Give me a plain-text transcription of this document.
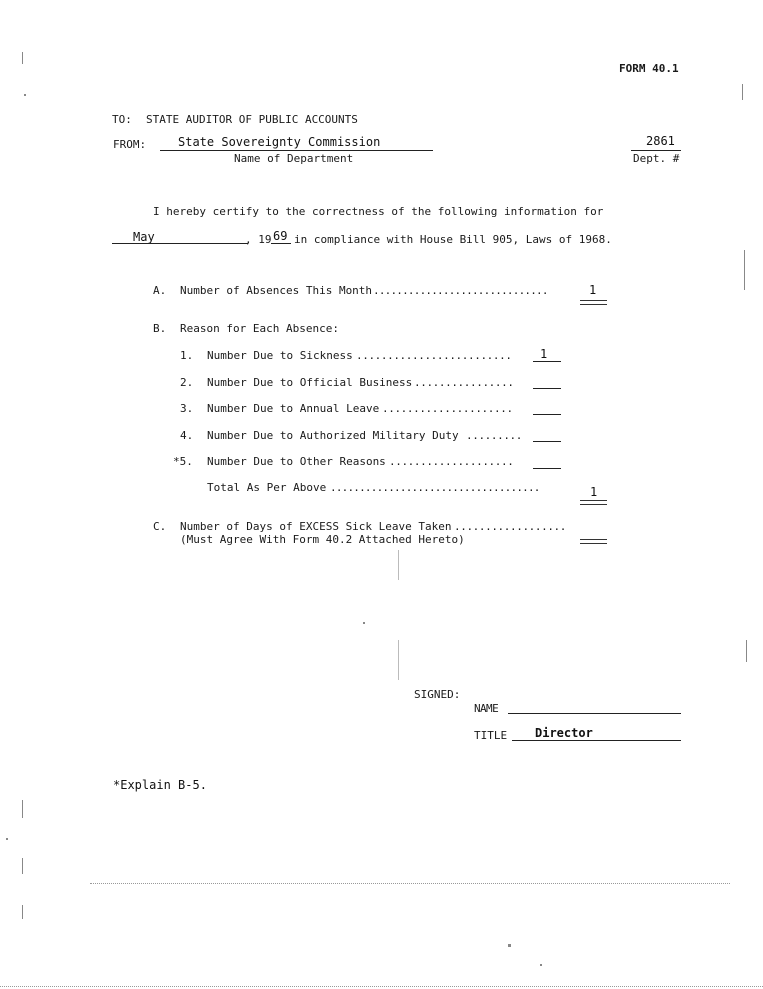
FORM 40.1
TO: STATE AUDITOR OF PUBLIC ACCOUNTS
FROM:	State Sovereignty Commission
Name of Department
2861
Dept. #
I hereby certify to the correctness of the following information for
May	, 19 69 in compliance with House Bill 905, Laws of 1968.
A. Number of Absences This Month ..............................	1
B. Reason for Each Absence:
1. Number Due to Sickness ......................... 1
2. Number Due to Official Business ................
3. Number Due to Annual Leave .....................
4. Number Due to Authorized Military Duty .........
*5. Number Due to Other Reasons ....................
Total As Per Above ....................................	1
C. Number of Days of EXCESS Sick Leave Taken ..................
(Must Agree With Form 40.2 Attached Hereto)
SIGNED:
NAME
TITLE Director
*Explain B-5.
